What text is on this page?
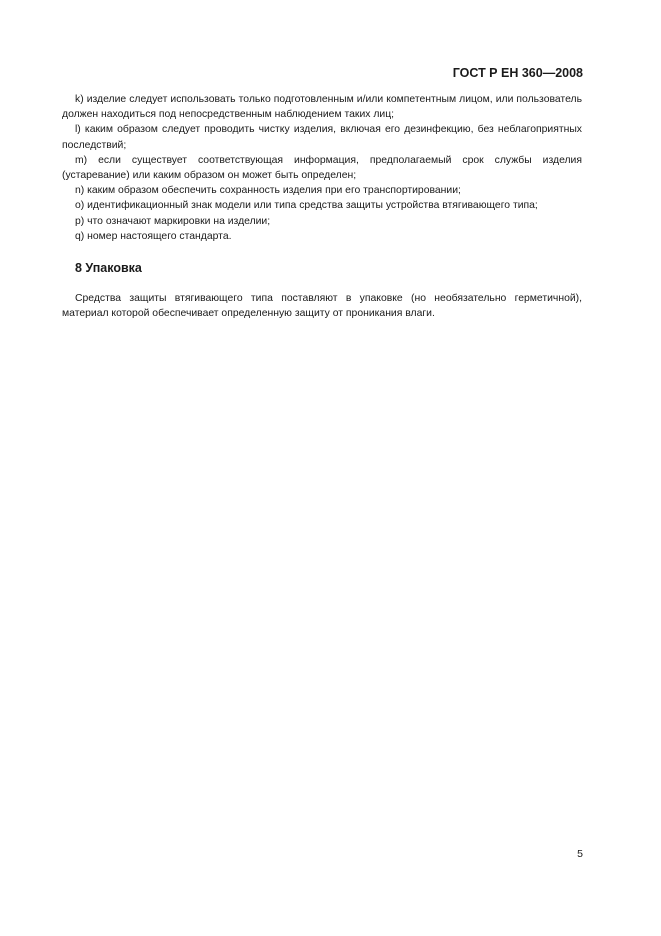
ГОСТ Р ЕН 360—2008

k) изделие следует использовать только подготовленным и/или компетентным лицом, или пользователь должен находиться под непосредственным наблюдением таких лиц;

l) каким образом следует проводить чистку изделия, включая его дезинфекцию, без неблагоприятных последствий;

m) если существует соответствующая информация, предполагаемый срок службы изделия (устаревание) или каким образом он может быть определен;

n) каким образом обеспечить сохранность изделия при его транспортировании;

o) идентификационный знак модели или типа средства защиты устройства втягивающего типа;

p) что означают маркировки на изделии;

q) номер настоящего стандарта.

8 Упаковка

Средства защиты втягивающего типа поставляют в упаковке (но необязательно герметичной), материал которой обеспечивает определенную защиту от проникания влаги.

5
